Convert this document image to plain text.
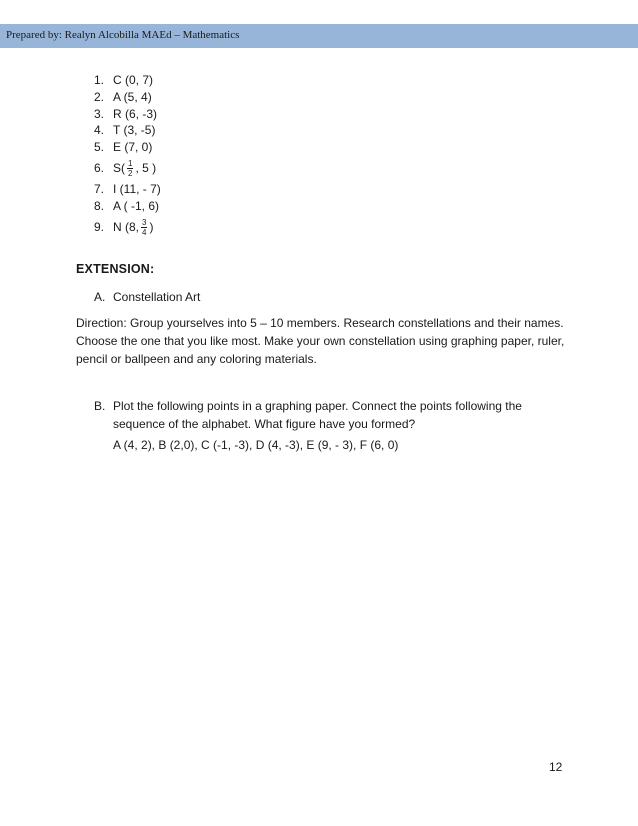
Prepared by: Realyn Alcobilla MAEd – Mathematics
1. C (0, 7)
2. A (5, 4)
3. R (6, -3)
4. T (3, -5)
5. E (7, 0)
6. $S( \frac{1}{2}$ , 5 )
7. I (11, - 7)
8. A ( -1, 6)
9. N (8, $\frac{3}{4}$ )
EXTENSION:
A. Constellation Art
Direction: Group yourselves into 5 – 10 members. Research constellations and their names. Choose the one that you like most. Make your own constellation using graphing paper, ruler, pencil or ballpeen and any coloring materials.
B. Plot the following points in a graphing paper. Connect the points following the sequence of the alphabet. What figure have you formed?
A (4, 2), B (2,0), C (-1, -3), D (4, -3), E (9, - 3), F (6, 0)
12
